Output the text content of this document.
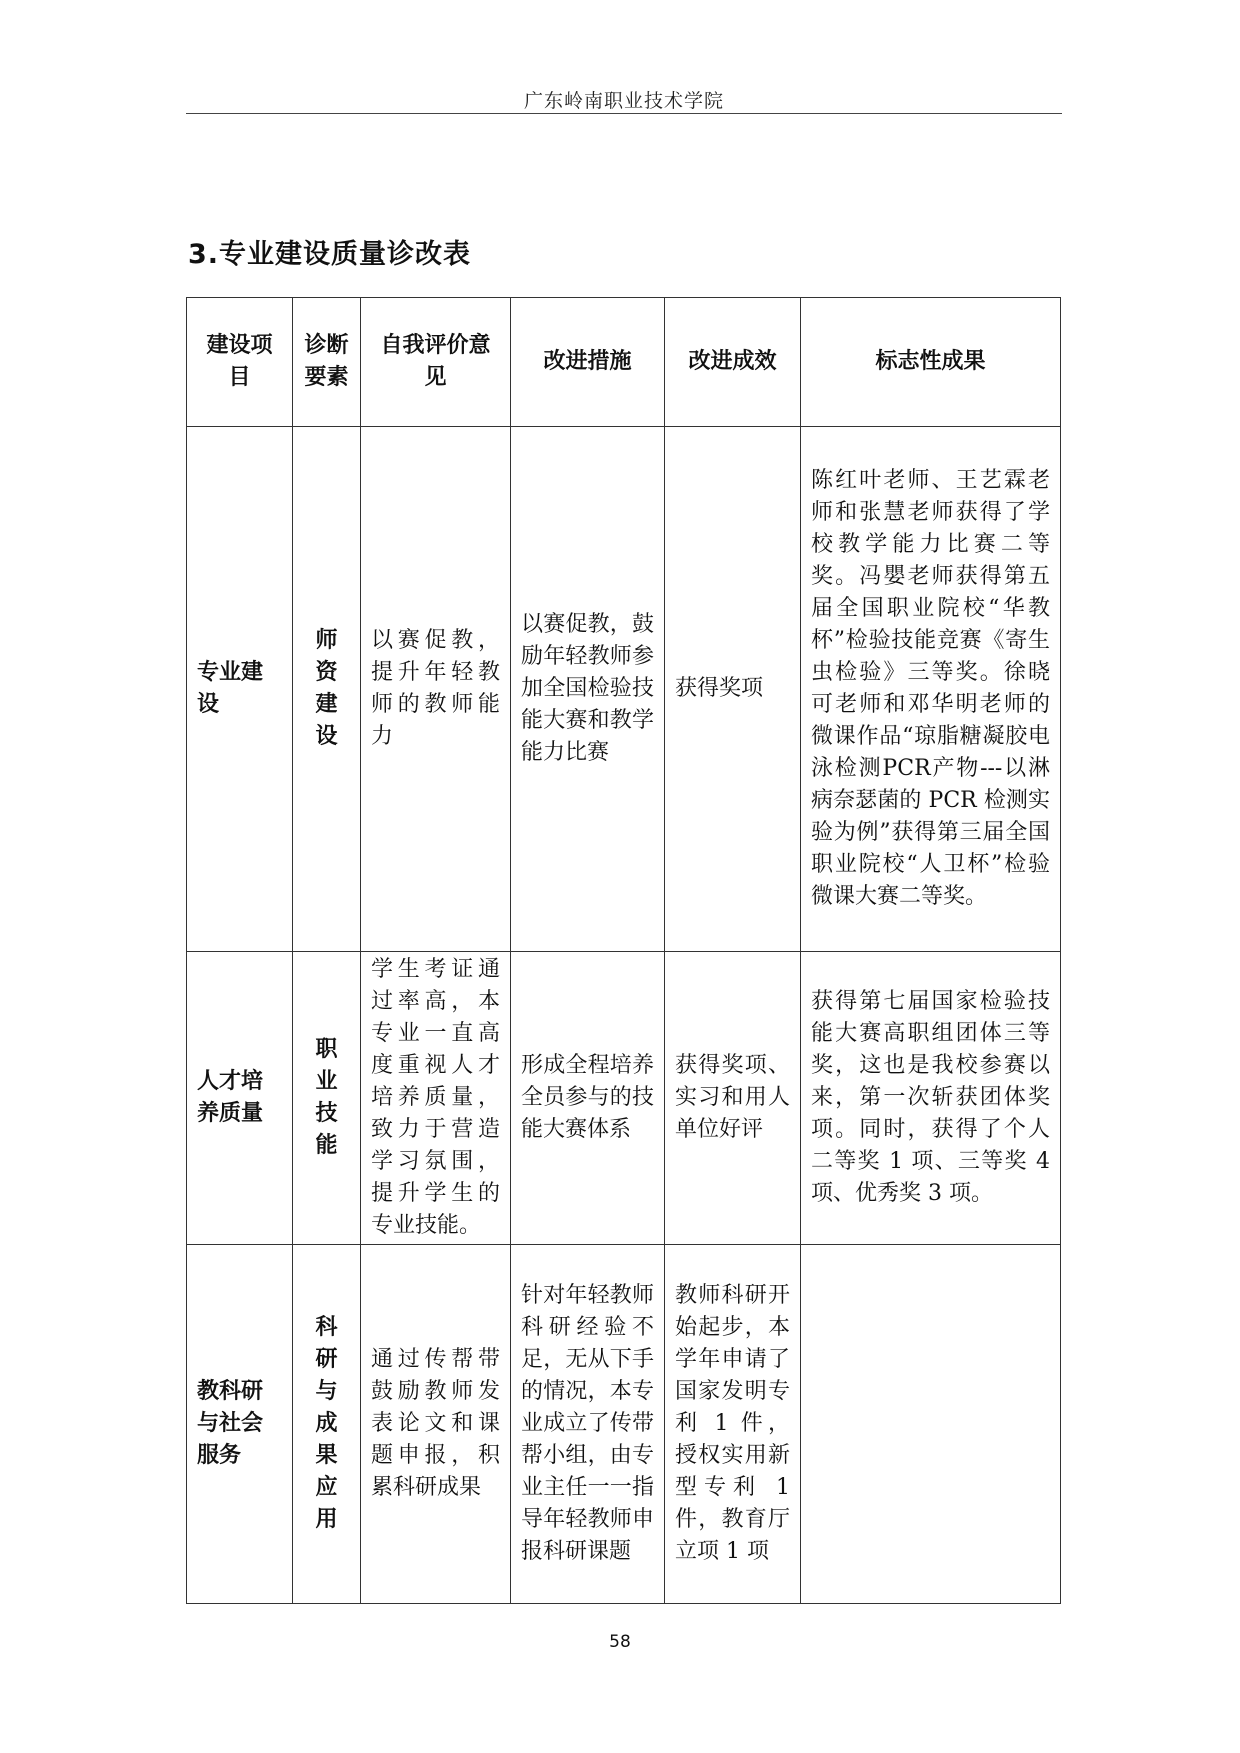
广东岭南职业技术学院
3.专业建设质量诊改表
建设项目	诊断要素	自我评价意见	改进措施	改进成效	标志性成果
专业建设	师资建设	以赛促教，提升年轻教师的教师能力	以赛促教，鼓励年轻教师参加全国检验技能大赛和教学能力比赛	获得奖项	陈红叶老师、王艺霖老师和张慧老师获得了学校教学能力比赛二等奖。冯嬰老师获得第五届全国职业院校“华教杯”检验技能竞赛《寄生虫检验》三等奖。徐晓可老师和邓华明老师的微课作品“琼脂糖凝胶电泳检测PCR产物---以淋病奈瑟菌的 PCR 检测实验为例”获得第三届全国职业院校“人卫杯”检验微课大赛二等奖。
人才培养质量	职业技能	学生考证通过率高，本专业一直高度重视人才培养质量，致力于营造学习氛围，提升学生的专业技能。	形成全程培养全员参与的技能大赛体系	获得奖项、实习和用人单位好评	获得第七届国家检验技能大赛高职组团体三等奖，这也是我校参赛以来，第一次斩获团体奖项。同时，获得了个人二等奖 1 项、三等奖 4 项、优秀奖 3 项。
教科研与社会服务	科研与成果应用	通过传帮带鼓励教师发表论文和课题申报，积累科研成果	针对年轻教师科研经验不足，无从下手的情况，本专业成立了传带帮小组，由专业主任一一指导年轻教师申报科研课题	教师科研开始起步，本学年申请了国家发明专利 1 件，授权实用新型专利 1 件，教育厅立项 1 项	
58
